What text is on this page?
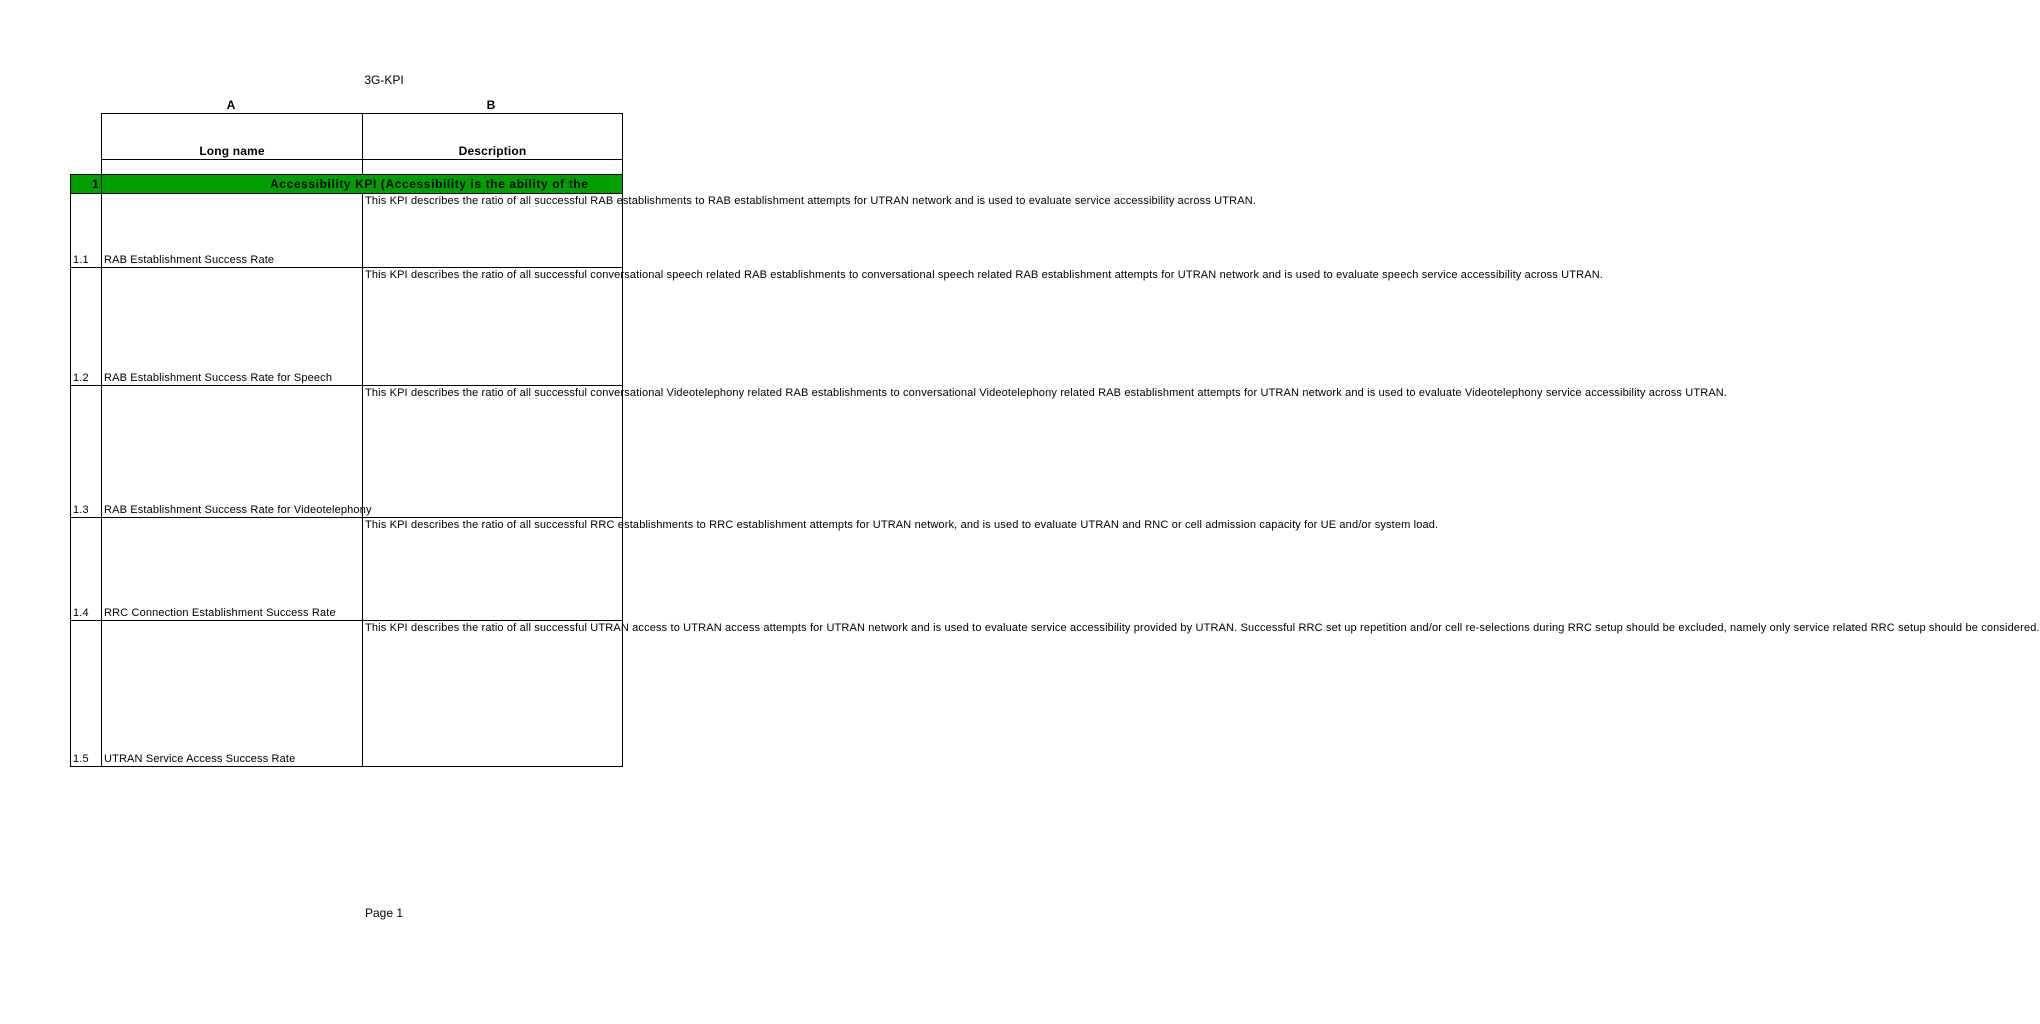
3G-KPI
A	B
	Long name	Description

1	Accessibility KPI (Accessibility is the ability of the	

1.1	RAB Establishment Success Rate	This KPI describes the ratio of all successful RAB establishments to RAB establishment attempts for UTRAN network and is used to evaluate service accessibility across UTRAN.
1.2	RAB Establishment Success Rate for Speech	This KPI describes the ratio of all successful conversational speech related RAB establishments to conversational speech related RAB establishment attempts for UTRAN network and is used to evaluate speech service accessibility across UTRAN.
1.3	RAB Establishment Success Rate for Videotelephony	This KPI describes the ratio of all successful conversational Videotelephony related RAB establishments to conversational Videotelephony related RAB establishment attempts for UTRAN network and is used to evaluate Videotelephony service accessibility across UTRAN.
1.4	RRC Connection Establishment Success Rate	This KPI describes the ratio of all successful RRC establishments to RRC establishment attempts for UTRAN network, and is used to evaluate UTRAN and RNC or cell admission capacity for UE and/or system load.
1.5	UTRAN Service Access Success Rate	This KPI describes the ratio of all successful UTRAN access to UTRAN access attempts for UTRAN network and is used to evaluate service accessibility provided by UTRAN. Successful RRC set up repetition and/or cell re-selections during RRC setup should be excluded, namely only service related RRC setup should be considered.
Page 1
